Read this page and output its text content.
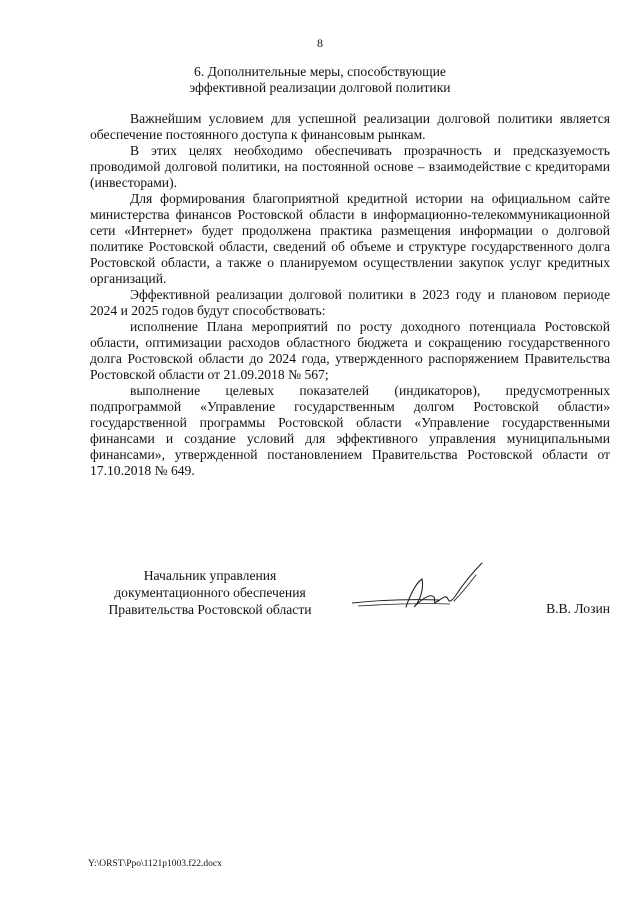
8
6. Дополнительные меры, способствующие
эффективной реализации долговой политики

Важнейшим условием для успешной реализации долговой политики является обеспечение постоянного доступа к финансовым рынкам.

В этих целях необходимо обеспечивать прозрачность и предсказуемость проводимой долговой политики, на постоянной основе – взаимодействие с кредиторами (инвесторами).

Для формирования благоприятной кредитной истории на официальном сайте министерства финансов Ростовской области в информационно-телекоммуникационной сети «Интернет» будет продолжена практика размещения информации о долговой политике Ростовской области, сведений об объеме и структуре государственного долга Ростовской области, а также о планируемом осуществлении закупок услуг кредитных организаций.

Эффективной реализации долговой политики в 2023 году и плановом периоде 2024 и 2025 годов будут способствовать:

исполнение Плана мероприятий по росту доходного потенциала Ростовской области, оптимизации расходов областного бюджета и сокращению государственного долга Ростовской области до 2024 года, утвержденного распоряжением Правительства Ростовской области от 21.09.2018 № 567;

выполнение целевых показателей (индикаторов), предусмотренных подпрограммой «Управление государственным долгом Ростовской области» государственной программы Ростовской области «Управление государственными финансами и создание условий для эффективного управления муниципальными финансами», утвержденной постановлением Правительства Ростовской области от 17.10.2018 № 649.

Начальник управления
документационного обеспечения
Правительства Ростовской области	В.В. Лозин
Y:\ORST\Ppo\1121p1003.f22.docx
